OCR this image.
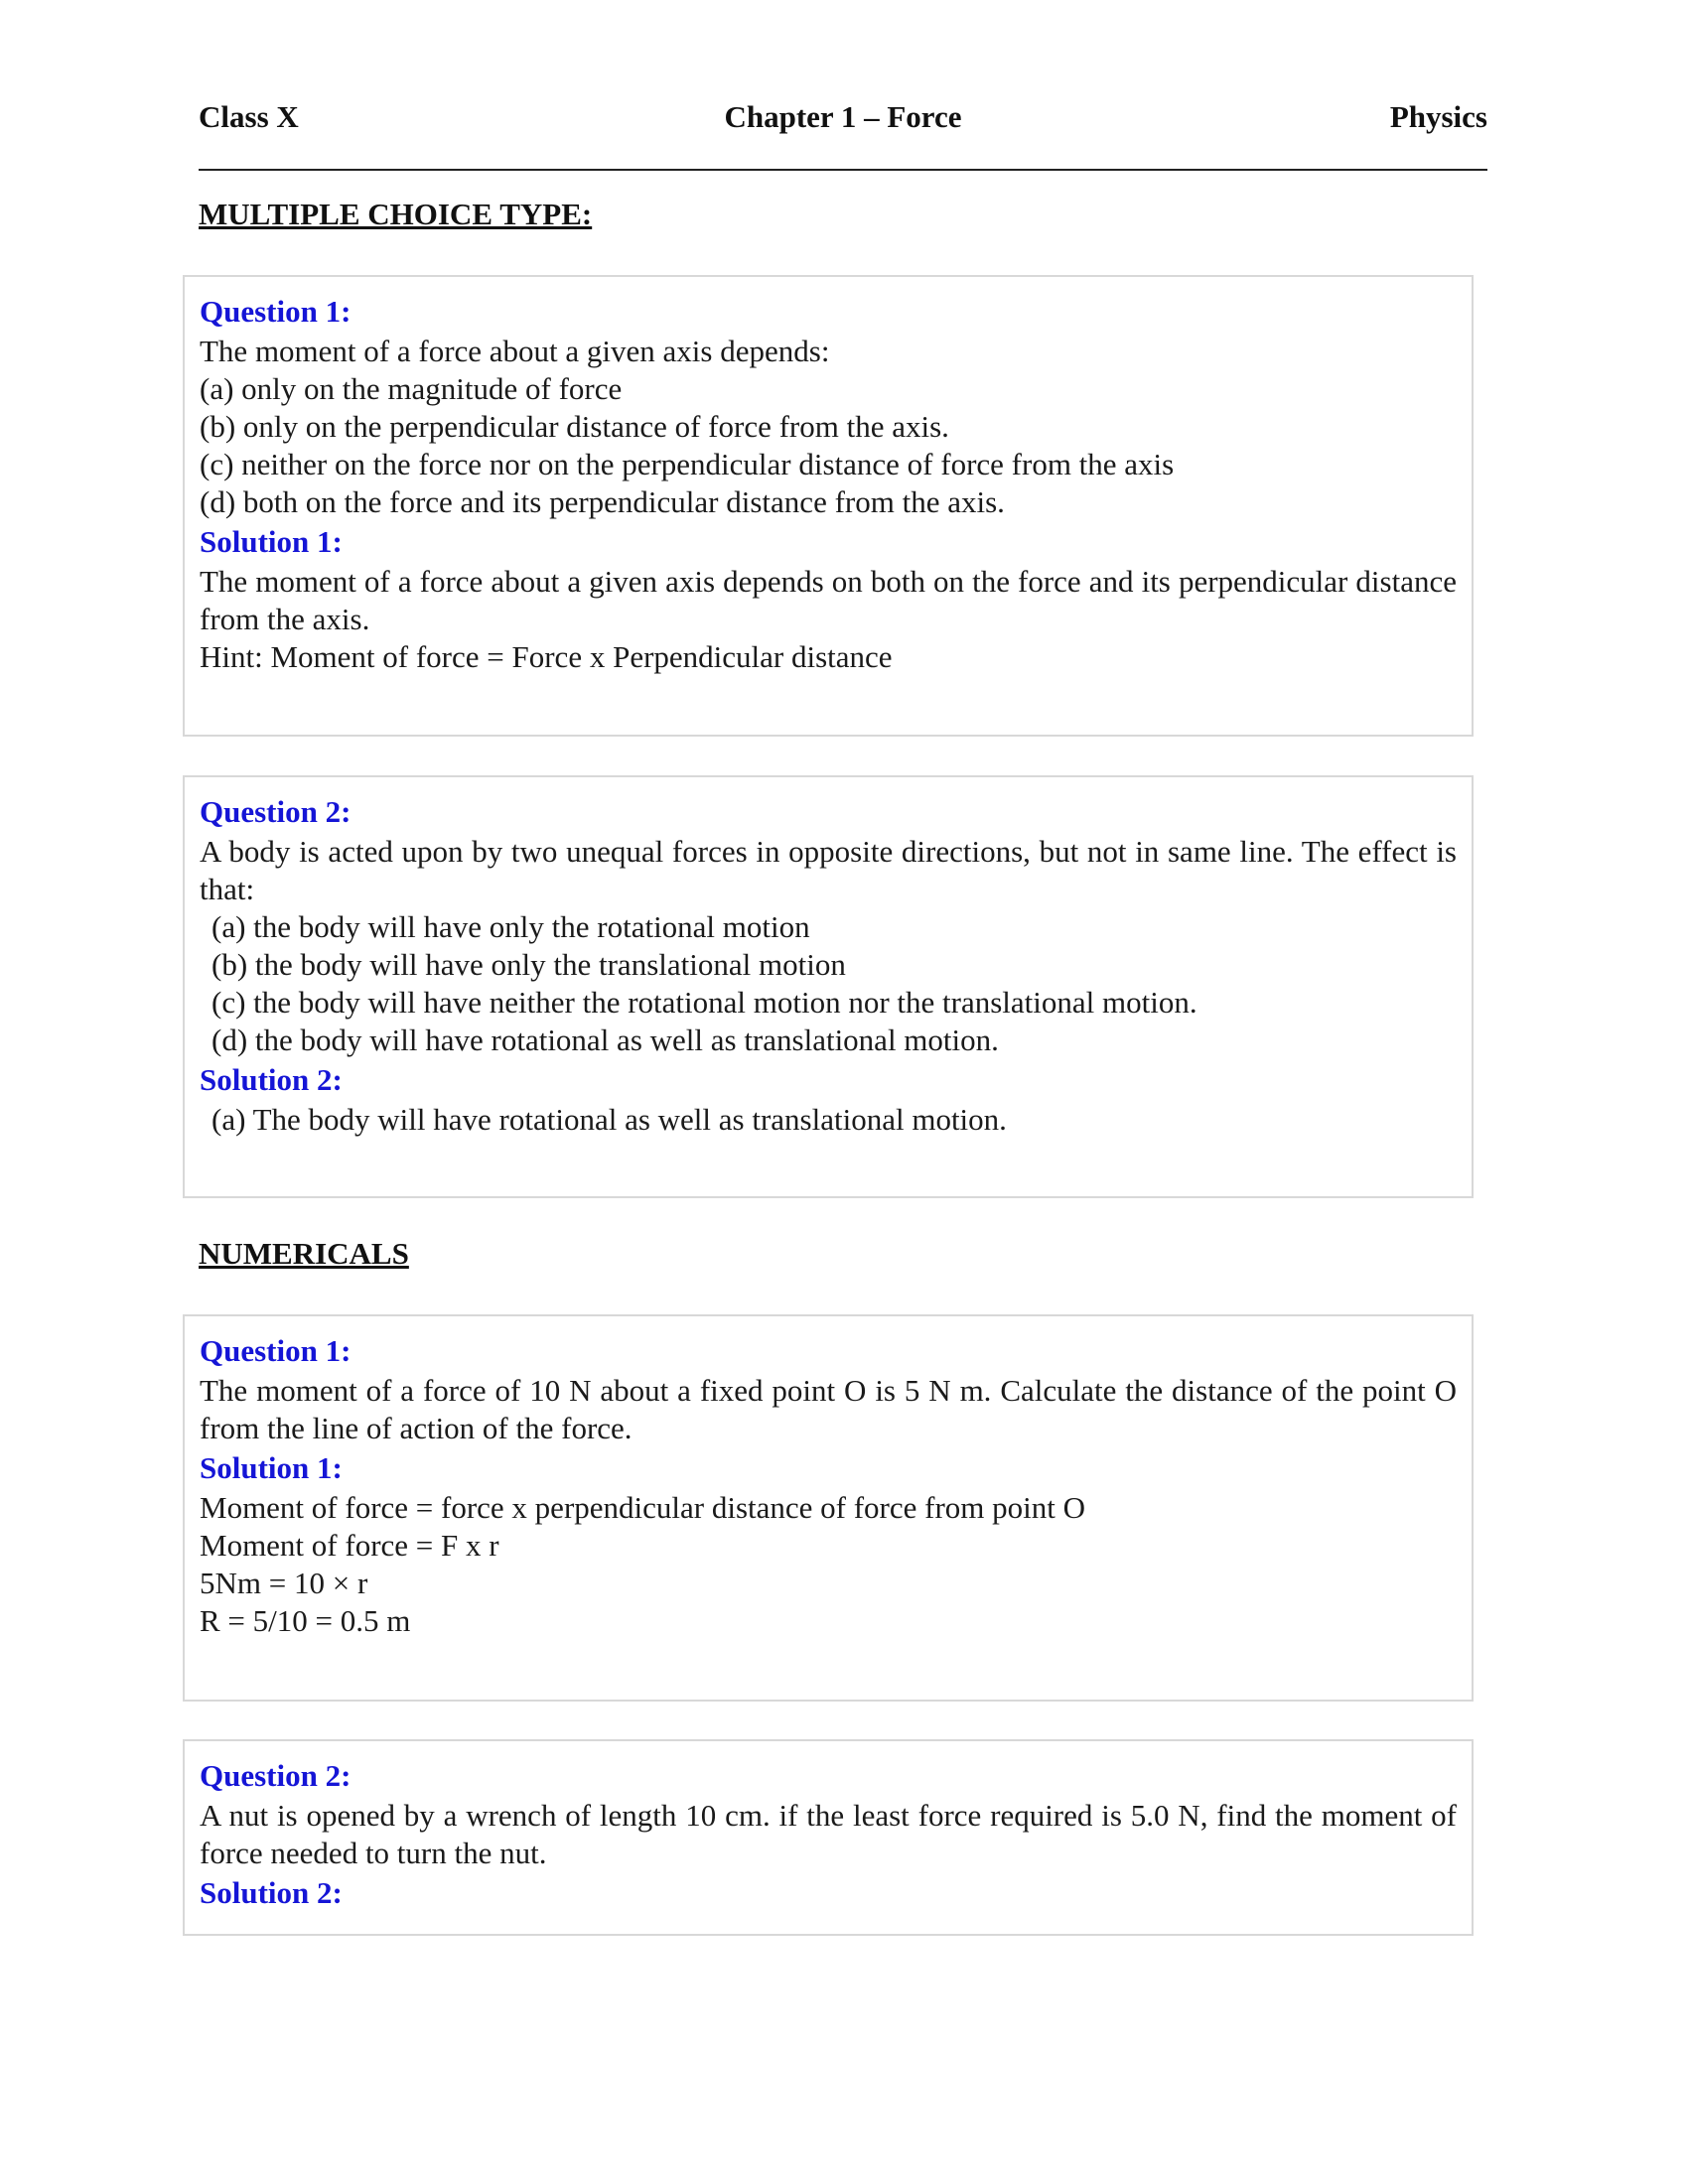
Class X	Chapter 1 – Force	Physics
MULTIPLE CHOICE TYPE:
Question 1:
The moment of a force about a given axis depends:
(a) only on the magnitude of force
(b) only on the perpendicular distance of force from the axis.
(c) neither on the force nor on the perpendicular distance of force from the axis
(d) both on the force and its perpendicular distance from the axis.
Solution 1:
The moment of a force about a given axis depends on both on the force and its perpendicular distance from the axis.
Hint: Moment of force = Force x Perpendicular distance
Question 2:
A body is acted upon by two unequal forces in opposite directions, but not in same line. The effect is that:
(a) the body will have only the rotational motion
(b) the body will have only the translational motion
(c) the body will have neither the rotational motion nor the translational motion.
(d) the body will have rotational as well as translational motion.
Solution 2:
(a) The body will have rotational as well as translational motion.
NUMERICALS
Question 1:
The moment of a force of 10 N about a fixed point O is 5 N m. Calculate the distance of the point O from the line of action of the force.
Solution 1:
Moment of force = force x perpendicular distance of force from point O
Moment of force = F x r
5Nm = 10 × r
R = 5/10 = 0.5 m
Question 2:
A nut is opened by a wrench of length 10 cm. if the least force required is 5.0 N, find the moment of force needed to turn the nut.
Solution 2:
